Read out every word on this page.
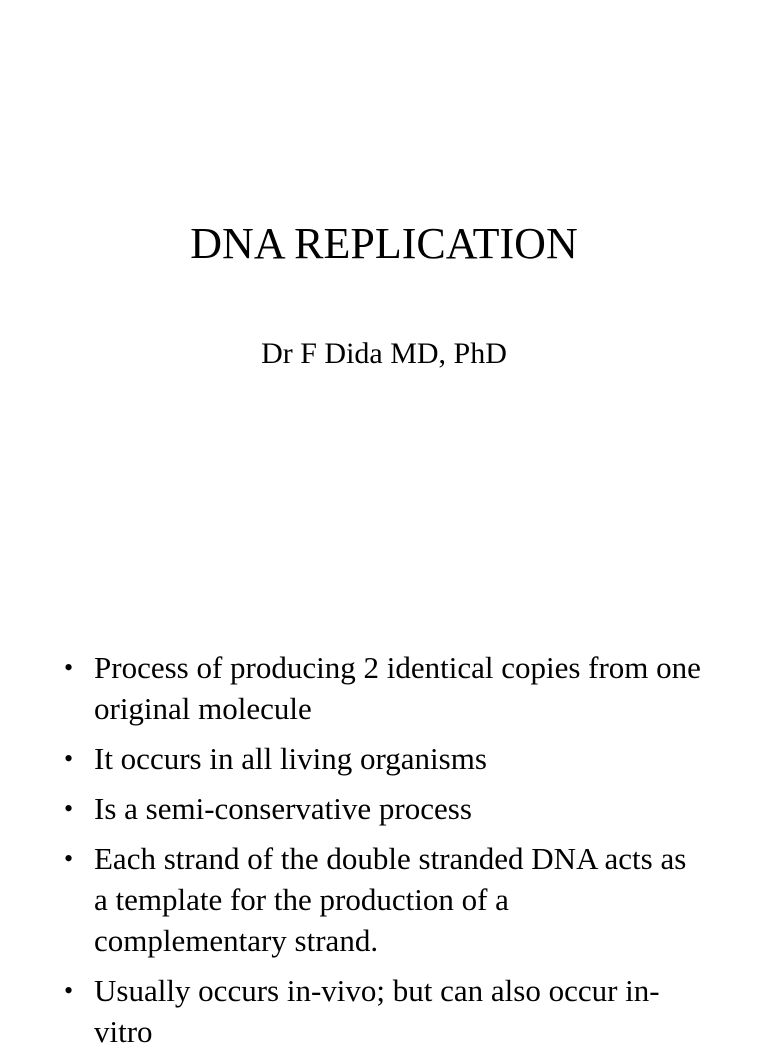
DNA REPLICATION
Dr F Dida MD, PhD
• Process of producing 2 identical copies from one original molecule
• It occurs in all living organisms
• Is a semi-conservative process
• Each strand of the double stranded DNA acts as a template for the production of a complementary strand.
• Usually occurs in-vivo; but can also occur in-vitro
